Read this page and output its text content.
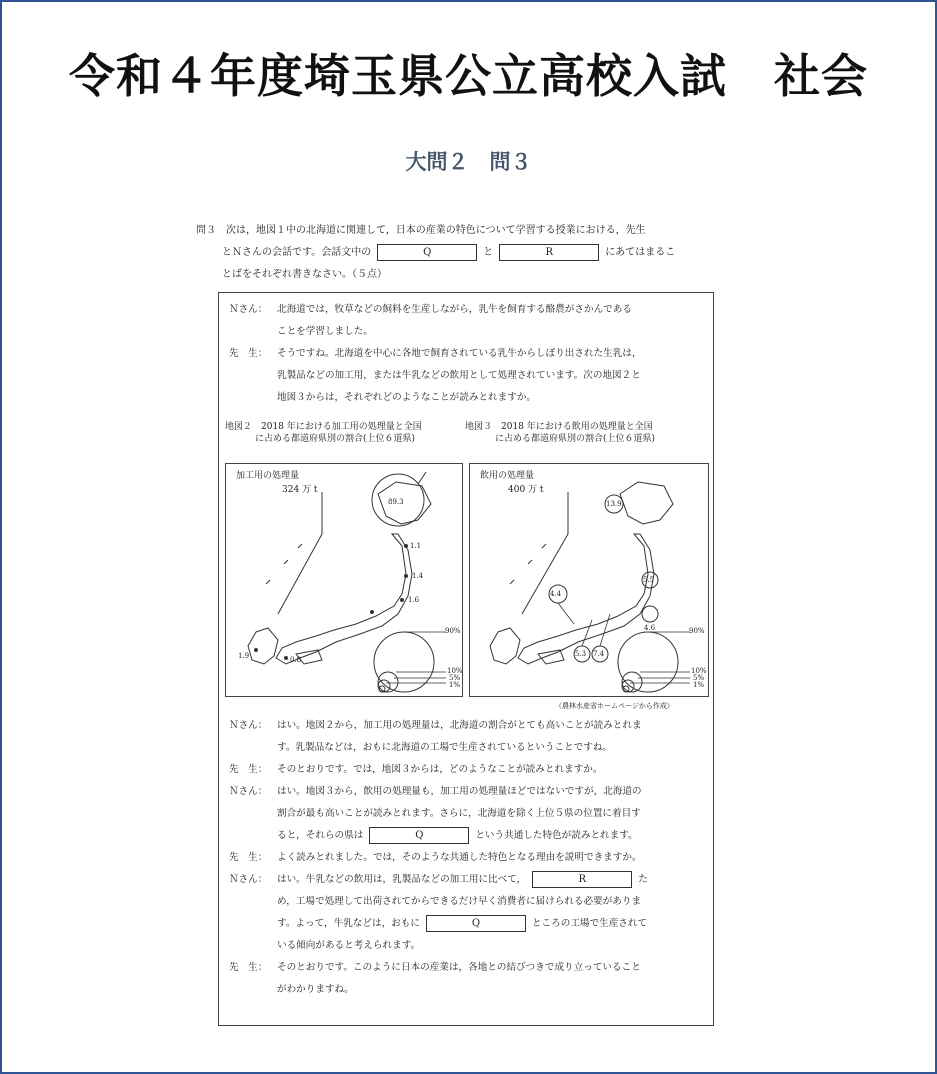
令和４年度埼玉県公立高校入試　社会
大問２　問３
問３　次は，地図１中の北海道に関連して，日本の産業の特色について学習する授業における，先生
とＮさんの会話です。会話文中の	Q	と	R	にあてはまるこ
とばをそれぞれ書きなさい。（５点）
Ｎさん：	北海道では，牧草などの飼料を生産しながら，乳牛を飼育する酪農がさかんである
ことを学習しました。
先　生：	そうですね。北海道を中心に各地で飼育されている乳牛からしぼり出された生乳は，
乳製品などの加工用，または牛乳などの飲用として処理されています。次の地図２と
地図３からは，それぞれどのようなことが読みとれますか。
地図２　2018 年における加工用の処理量と全国
に占める都道府県別の割合(上位６道県)
地図３　2018 年における飲用の処理量と全国
に占める都道府県別の割合(上位６道県)
加工用の処理量
324 万 t
89.3
1.1
1.4
1.6
1.9	0.8
90%
10%
5%
1%
飲用の処理量
400 万 t
13.9
5.5
4.6
4.4
5.3 7.4
90%
10%
5%
1%
（農林水産省ホームページから作成）
Ｎさん：	はい。地図２から，加工用の処理量は，北海道の割合がとても高いことが読みとれま
す。乳製品などは，おもに北海道の工場で生産されているということですね。
先　生：	そのとおりです。では，地図３からは，どのようなことが読みとれますか。
Ｎさん：	はい。地図３から，飲用の処理量も，加工用の処理量ほどではないですが，北海道の
割合が最も高いことが読みとれます。さらに，北海道を除く上位５県の位置に着目す
ると，それらの県は	Q	という共通した特色が読みとれます。
先　生：	よく読みとれました。では，そのような共通した特色となる理由を説明できますか。
Ｎさん：	はい。牛乳などの飲用は，乳製品などの加工用に比べて，	R	た
め，工場で処理して出荷されてからできるだけ早く消費者に届けられる必要がありま
す。よって，牛乳などは，おもに	Q	ところの工場で生産されて
いる傾向があると考えられます。
先　生：	そのとおりです。このように日本の産業は，各地との結びつきで成り立っていること
がわかりますね。
